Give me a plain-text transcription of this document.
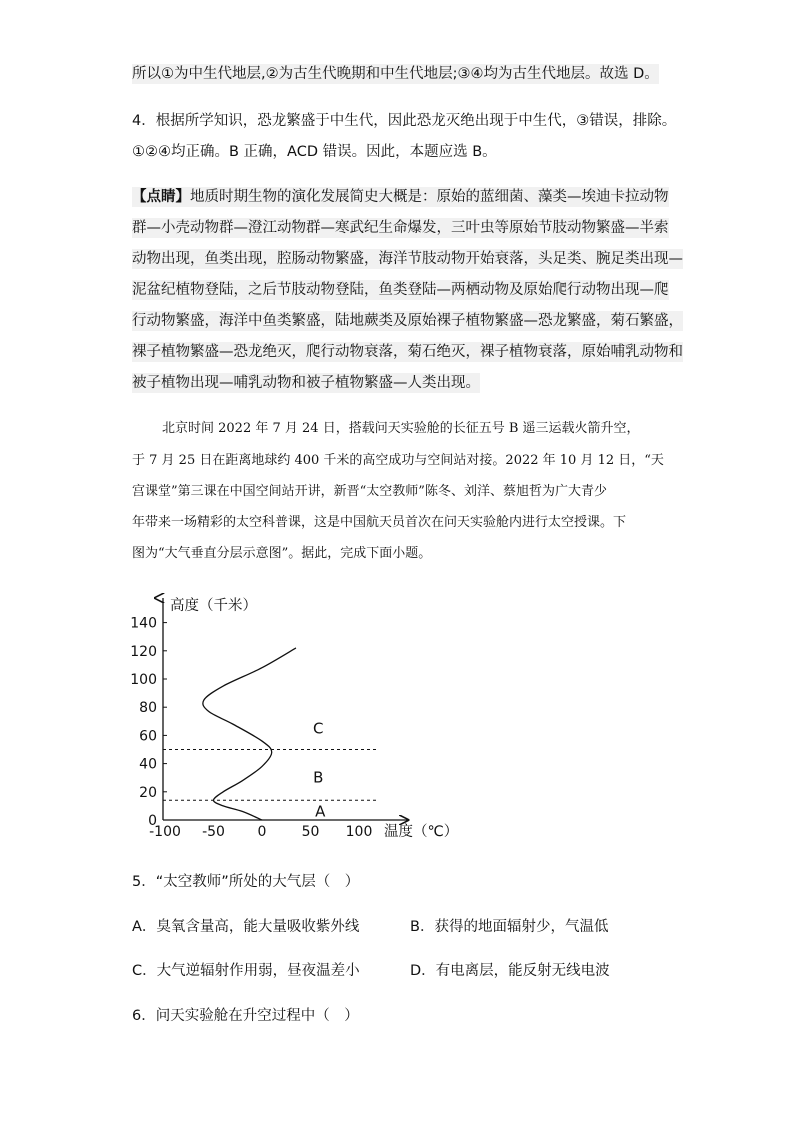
所以①为中生代地层,②为古生代晚期和中生代地层;③④均为古生代地层。故选 D。
4．根据所学知识，恐龙繁盛于中生代，因此恐龙灭绝出现于中生代，③错误，排除。
①②④均正确。B 正确，ACD 错误。因此，本题应选 B。
【点睛】地质时期生物的演化发展简史大概是：原始的蓝细菌、藻类—埃迪卡拉动物
群—小壳动物群—澄江动物群—寒武纪生命爆发，三叶虫等原始节肢动物繁盛—半索
动物出现，鱼类出现，腔肠动物繁盛，海洋节肢动物开始衰落，头足类、腕足类出现—
泥盆纪植物登陆，之后节肢动物登陆，鱼类登陆—两栖动物及原始爬行动物出现—爬
行动物繁盛，海洋中鱼类繁盛，陆地蕨类及原始裸子植物繁盛—恐龙繁盛，菊石繁盛，
裸子植物繁盛—恐龙绝灭，爬行动物衰落，菊石绝灭，裸子植物衰落，原始哺乳动物和
被子植物出现—哺乳动物和被子植物繁盛—人类出现。

北京时间 2022 年 7 月 24 日，搭载问天实验舱的长征五号 B 遥三运载火箭升空，

于 7 月 25 日在距离地球约 400 千米的高空成功与空间站对接。2022 年 10 月 12 日，“天

宫课堂”第三课在中国空间站开讲，新晋“太空教师”陈冬、刘洋、蔡旭哲为广大青少

年带来一场精彩的太空科普课，这是中国航天员首次在问天实验舱内进行太空授课。下

图为“大气垂直分层示意图”。据此，完成下面小题。

高度（千米）
温度（℃）
0
20
40
60
80
100
120
140
-100 -50 0	50 100
A
B
C
5．“太空教师”所处的大气层（　）
A．臭氧含量高，能大量吸收紫外线	B．获得的地面辐射少，气温低
C．大气逆辐射作用弱，昼夜温差小	D．有电离层，能反射无线电波
6．问天实验舱在升空过程中（　）
